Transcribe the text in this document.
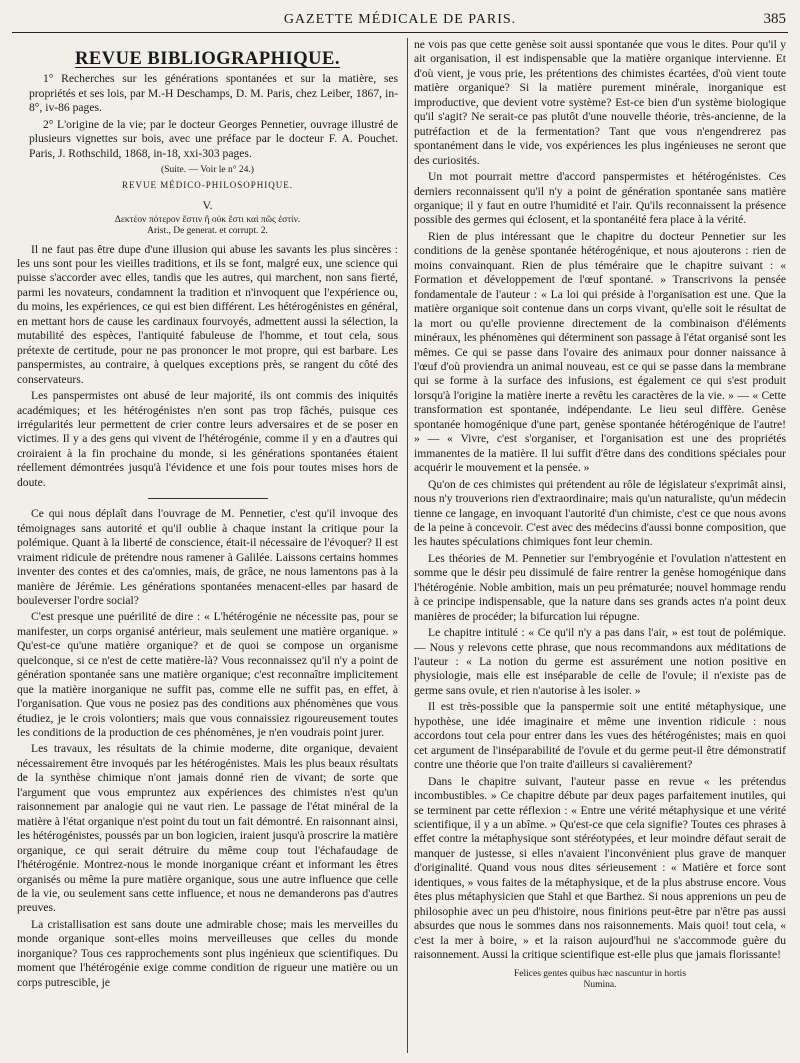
GAZETTE MÉDICALE DE PARIS.	385
REVUE BIBLIOGRAPHIQUE.

1° Recherches sur les générations spontanées et sur la matière, ses propriétés et ses lois, par M.-H Deschamps, D. M. Paris, chez Leiber, 1867, in-8°, iv-86 pages.

2° L'origine de la vie; par le docteur Georges Pennetier, ouvrage illustré de plusieurs vignettes sur bois, avec une préface par le docteur F. A. Pouchet. Paris, J. Rothschild, 1868, in-18, xxi-303 pages.

(Suite. — Voir le n° 24.)
REVUE MÉDICO-PHILOSOPHIQUE.
V.
Δεκτέον πότερον ἔστιν ἢ οὐκ ἔστι καὶ πῶς ἐστίν.
Arist., De generat. et corrupt. 2.

Il ne faut pas être dupe d'une illusion qui abuse les savants les plus sincères : les uns sont pour les vieilles traditions, et ils se font, malgré eux, une science qui puisse s'accorder avec elles, tandis que les autres, qui marchent, non sans fierté, parmi les novateurs, condamnent la tradition et n'invoquent que l'expérience ou, du moins, les expériences, ce qui est bien différent. Les hétérogénistes en général, en mettant hors de cause les cardinaux fourvoyés, admettent aussi la sélection, la mutabilité des espèces, l'antiquité fabuleuse de l'homme, et tout cela, sous prétexte de certitude, pour ne pas prononcer le mot propre, qui est barbare. Les panspermistes, au contraire, à quelques exceptions près, se rangent du côté des conservateurs.

Les panspermistes ont abusé de leur majorité, ils ont commis des iniquités académiques; et les hétérogénistes n'en sont pas trop fâchés, puisque ces irrégularités leur permettent de crier contre leurs adversaires et de se poser en victimes. Il y a des gens qui vivent de l'hétérogénie, comme il y en a d'autres qui croiraient à la fin prochaine du monde, si les générations spontanées étaient réellement démontrées jusqu'à l'évidence et une fois pour toutes mises hors de doute.

Ce qui nous déplaît dans l'ouvrage de M. Pennetier, c'est qu'il invoque des témoignages sans autorité et qu'il oublie à chaque instant la critique pour la polémique. Quant à la liberté de conscience, était-il nécessaire de l'évoquer? Il est vraiment ridicule de prétendre nous ramener à Galilée. Laissons certains hommes inventer des contes et des ca'omnies, mais, de grâce, ne nous lamentons pas à la manière de Jérémie. Les générations spontanées menacent-elles par hasard de bouleverser l'ordre social?

C'est presque une puérilité de dire : « L'hétérogénie ne nécessite pas, pour se manifester, un corps organisé antérieur, mais seulement une matière organique. » Qu'est-ce qu'une matière organique? et de quoi se compose un organisme quelconque, si ce n'est de cette matière-là? Vous reconnaissez qu'il n'y a point de génération spontanée sans une matière organique; c'est reconnaître implicitement que la matière inorganique ne suffit pas, comme elle ne suffit pas, en effet, à l'organisation. Que vous ne posiez pas des conditions aux phénomènes que vous étudiez, je le crois volontiers; mais que vous connaissiez rigoureusement toutes les conditions de la production de ces phénomènes, je n'en voudrais point jurer.

Les travaux, les résultats de la chimie moderne, dite organique, devaient nécessairement être invoqués par les hétérogénistes. Mais les plus beaux résultats de la synthèse chimique n'ont jamais donné rien de vivant; de sorte que l'argument que vous empruntez aux expériences des chimistes n'est qu'un raisonnement par analogie qui ne vaut rien. Le passage de l'état minéral de la matière à l'état organique n'est point du tout un fait démontré. En raisonnant ainsi, les hétérogénistes, poussés par un bon logicien, iraient jusqu'à proscrire la matière organique, ce qui serait détruire du même coup tout l'échafaudage de l'hétérogénie. Montrez-nous le monde inorganique créant et informant les êtres organisés ou même la pure matière organique, sous une autre influence que celle de la vie, ou seulement sans cette influence, et nous ne demanderons pas d'autres preuves.

La cristallisation est sans doute une admirable chose; mais les merveilles du monde organique sont-elles moins merveilleuses que celles du monde inorganique? Tous ces rapprochements sont plus ingénieux que scientifiques. Du moment que l'hétérogénie exige comme condition de rigueur une matière ou un corps putrescible, je

ne vois pas que cette genèse soit aussi spontanée que vous le dites. Pour qu'il y ait organisation, il est indispensable que la matière organique intervienne. Et d'où vient, je vous prie, les prétentions des chimistes écartées, d'où vient toute matière organique? Si la matière purement minérale, inorganique est improductive, que devient votre système? Est-ce bien d'un système biologique qu'il s'agit? Ne serait-ce pas plutôt d'une nouvelle théorie, très-ancienne, de la putréfaction et de la fermentation? Tant que vous n'engendrerez pas spontanément dans le vide, vos expériences les plus ingénieuses ne seront que des curiosités.

Un mot pourrait mettre d'accord panspermistes et hétérogénistes. Ces derniers reconnaissent qu'il n'y a point de génération spontanée sans matière organique; il y faut en outre l'humidité et l'air. Qu'ils reconnaissent la présence possible des germes qui éclosent, et la spontanéité fera place à la vérité.

Rien de plus intéressant que le chapitre du docteur Pennetier sur les conditions de la genèse spontanée hétérogénique, et nous ajouterons : rien de moins convainquant. Rien de plus téméraire que le chapitre suivant : « Formation et développement de l'œuf spontané. » Transcrivons la pensée fondamentale de l'auteur : « La loi qui préside à l'organisation est une. Que la matière organique soit contenue dans un corps vivant, qu'elle soit le résultat de la mort ou qu'elle provienne directement de la combinaison d'éléments minéraux, les phénomènes qui déterminent son passage à l'état organisé sont les mêmes. Ce qui se passe dans l'ovaire des animaux pour donner naissance à l'œuf d'où proviendra un animal nouveau, est ce qui se passe dans la membrane qui se forme à la surface des infusions, est également ce qui s'est produit lorsqu'à l'origine la matière inerte a revêtu les caractères de la vie. » — « Cette transformation est spontanée, indépendante. Le lieu seul diffère. Genèse spontanée homogénique d'une part, genèse spontanée hétérogénique de l'autre! » — « Vivre, c'est s'organiser, et l'organisation est une des propriétés immanentes de la matière. Il lui suffit d'être dans des conditions spéciales pour acquérir le mouvement et la pensée. »

Qu'on de ces chimistes qui prétendent au rôle de législateur s'exprimât ainsi, nous n'y trouverions rien d'extraordinaire; mais qu'un naturaliste, qu'un médecin tienne ce langage, en invoquant l'autorité d'un chimiste, c'est ce que nous avons de la peine à concevoir. C'est avec des médecins d'aussi bonne composition, que les hautes spéculations chimiques font leur chemin.

Les théories de M. Pennetier sur l'embryogénie et l'ovulation n'attestent en somme que le désir peu dissimulé de faire rentrer la genèse homogénique dans l'hétérogénie. Noble ambition, mais un peu prématurée; nouvel hommage rendu à ce principe indispensable, que la nature dans ses grands actes n'a point deux manières de procéder; la bifurcation lui répugne.

Le chapitre intitulé : « Ce qu'il n'y a pas dans l'air, » est tout de polémique. — Nous y relevons cette phrase, que nous recommandons aux méditations de l'auteur : « La notion du germe est assurément une notion positive en physiologie, mais elle est inséparable de celle de l'ovule; il n'existe pas de germe sans ovule, et rien n'autorise à les isoler. »

Il est très-possible que la panspermie soit une entité métaphysique, une hypothèse, une idée imaginaire et même une invention ridicule : nous accordons tout cela pour entrer dans les vues des hétérogénistes; mais en quoi cet argument de l'inséparabilité de l'ovule et du germe peut-il être démonstratif contre une théorie que l'on traite d'ailleurs si cavalièrement?

Dans le chapitre suivant, l'auteur passe en revue « les prétendus incombustibles. » Ce chapitre débute par deux pages parfaitement inutiles, qui se terminent par cette réflexion : « Entre une vérité métaphysique et une vérité scientifique, il y a un abîme. » Qu'est-ce que cela signifie? Toutes ces phrases à effet contre la métaphysique sont stéréotypées, et leur moindre défaut serait de manquer de justesse, si elles n'avaient l'inconvénient plus grave de manquer d'originalité. Quand vous nous dites sérieusement : « Matière et force sont identiques, » vous faites de la métaphysique, et de la plus abstruse encore. Vous êtes plus métaphysicien que Stahl et que Barthez. Si nous apprenions un peu de philosophie avec un peu d'histoire, nous finirions peut-être par n'être pas aussi absurdes que nous le sommes dans nos raisonnements. Mais quoi! tout cela, « c'est la mer à boire, » et la raison aujourd'hui ne s'accommode guère du raisonnement. Aussi la critique scientifique est-elle plus que jamais florissante!

Felices gentes quibus hæc nascuntur in hortis
Numina.
